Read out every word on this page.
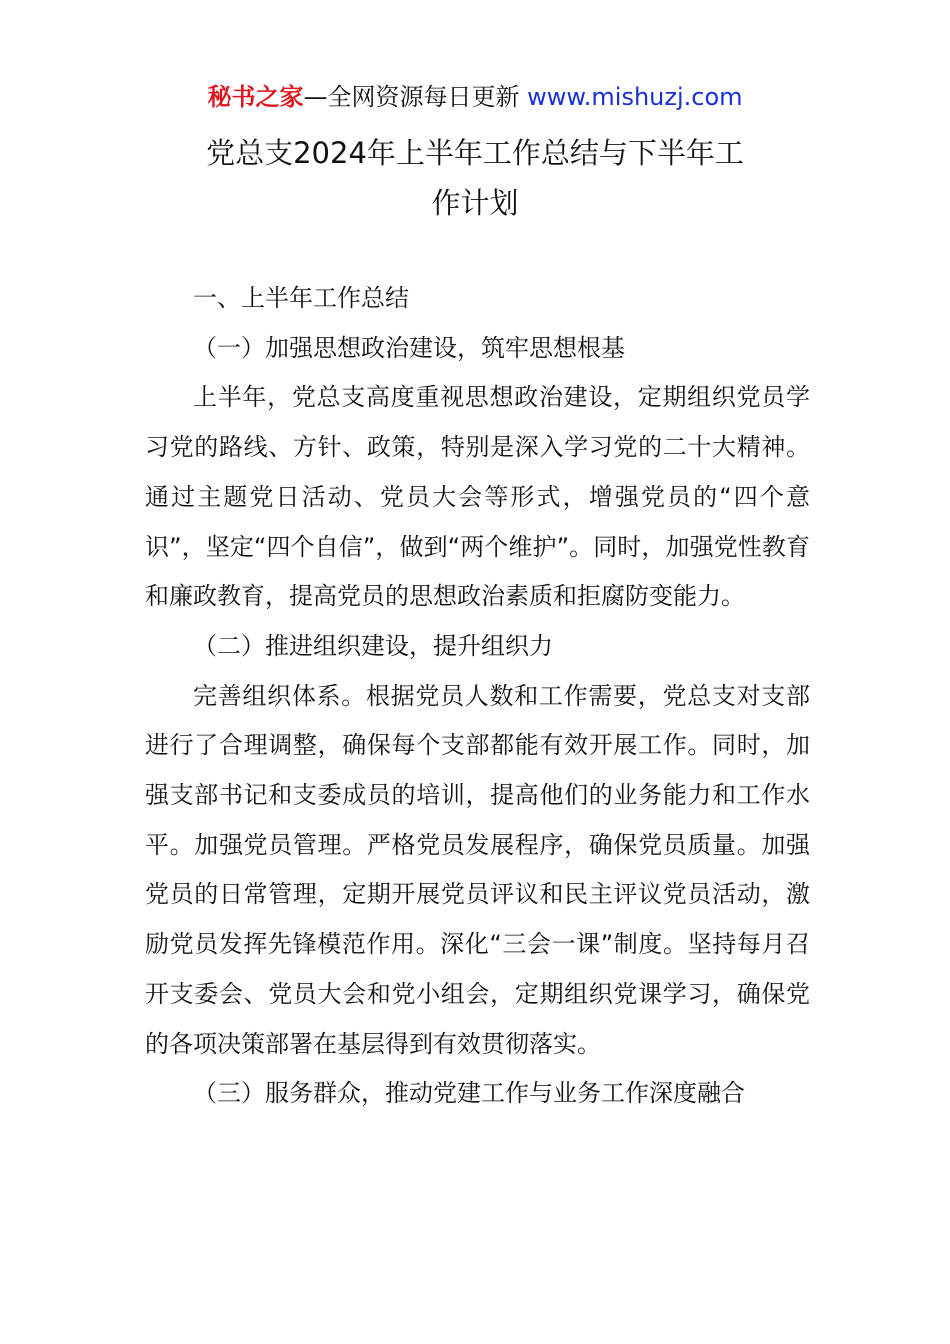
秘书之家—全网资源每日更新 www.mishuzj.com
党总支2024年上半年工作总结与下半年工
作计划

一、上半年工作总结

（一）加强思想政治建设，筑牢思想根基

上半年，党总支高度重视思想政治建设，定期组织党员学习党的路线、方针、政策，特别是深入学习党的二十大精神。通过主题党日活动、党员大会等形式，增强党员的“四个意识”，坚定“四个自信”，做到“两个维护”。同时，加强党性教育和廉政教育，提高党员的思想政治素质和拒腐防变能力。

（二）推进组织建设，提升组织力

完善组织体系。根据党员人数和工作需要，党总支对支部进行了合理调整，确保每个支部都能有效开展工作。同时，加强支部书记和支委成员的培训，提高他们的业务能力和工作水平。加强党员管理。严格党员发展程序，确保党员质量。加强党员的日常管理，定期开展党员评议和民主评议党员活动，激励党员发挥先锋模范作用。深化“三会一课”制度。坚持每月召开支委会、党员大会和党小组会，定期组织党课学习，确保党的各项决策部署在基层得到有效贯彻落实。

（三）服务群众，推动党建工作与业务工作深度融合
